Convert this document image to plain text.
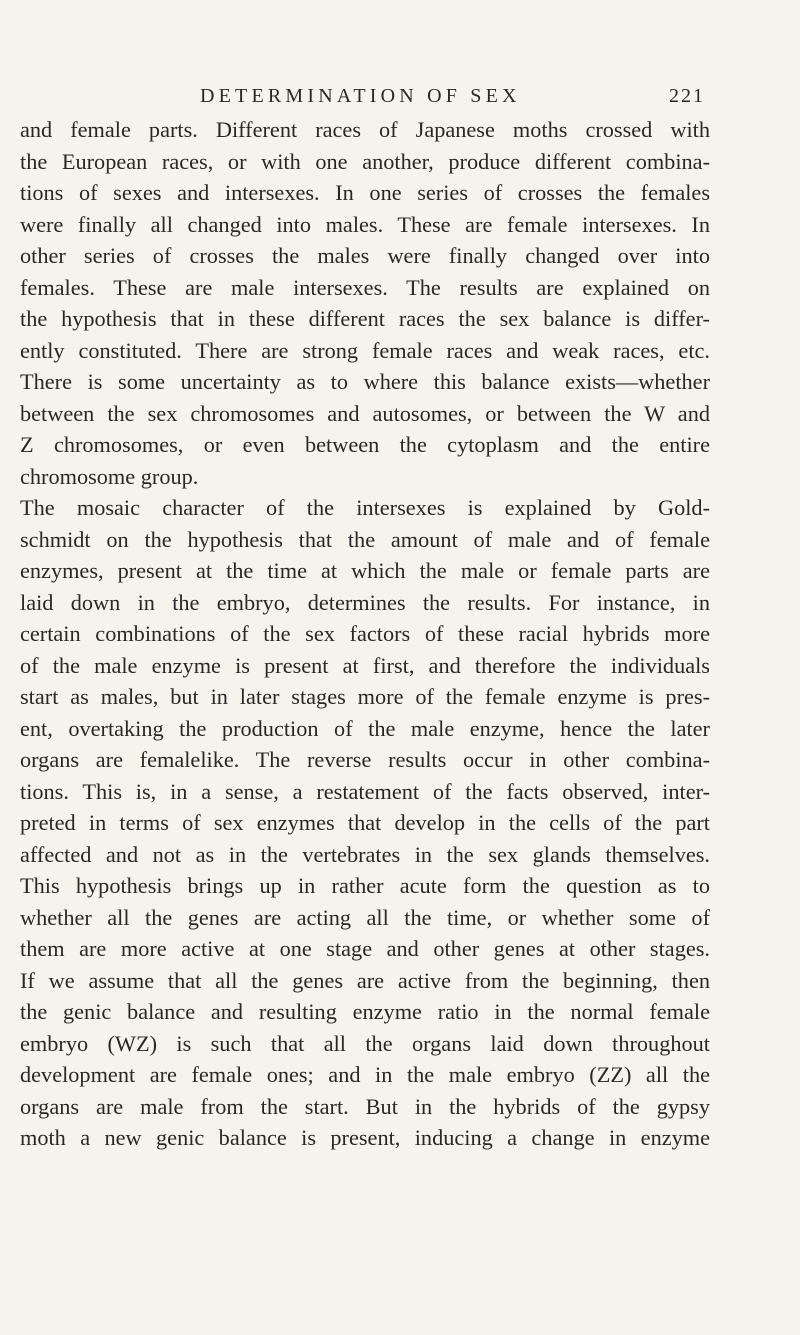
DETERMINATION OF SEX	221
and female parts. Different races of Japanese moths crossed with
the European races, or with one another, produce different combina-
tions of sexes and intersexes. In one series of crosses the females
were finally all changed into males. These are female intersexes. In
other series of crosses the males were finally changed over into
females. These are male intersexes. The results are explained on
the hypothesis that in these different races the sex balance is differ-
ently constituted. There are strong female races and weak races, etc.
There is some uncertainty as to where this balance exists—whether
between the sex chromosomes and autosomes, or between the W and
Z chromosomes, or even between the cytoplasm and the entire
chromosome group.
The mosaic character of the intersexes is explained by Gold-
schmidt on the hypothesis that the amount of male and of female
enzymes, present at the time at which the male or female parts are
laid down in the embryo, determines the results. For instance, in
certain combinations of the sex factors of these racial hybrids more
of the male enzyme is present at first, and therefore the individuals
start as males, but in later stages more of the female enzyme is pres-
ent, overtaking the production of the male enzyme, hence the later
organs are femalelike. The reverse results occur in other combina-
tions. This is, in a sense, a restatement of the facts observed, inter-
preted in terms of sex enzymes that develop in the cells of the part
affected and not as in the vertebrates in the sex glands themselves.
This hypothesis brings up in rather acute form the question as to
whether all the genes are acting all the time, or whether some of
them are more active at one stage and other genes at other stages.
If we assume that all the genes are active from the beginning, then
the genic balance and resulting enzyme ratio in the normal female
embryo (WZ) is such that all the organs laid down throughout
development are female ones; and in the male embryo (ZZ) all the
organs are male from the start. But in the hybrids of the gypsy
moth a new genic balance is present, inducing a change in enzyme
